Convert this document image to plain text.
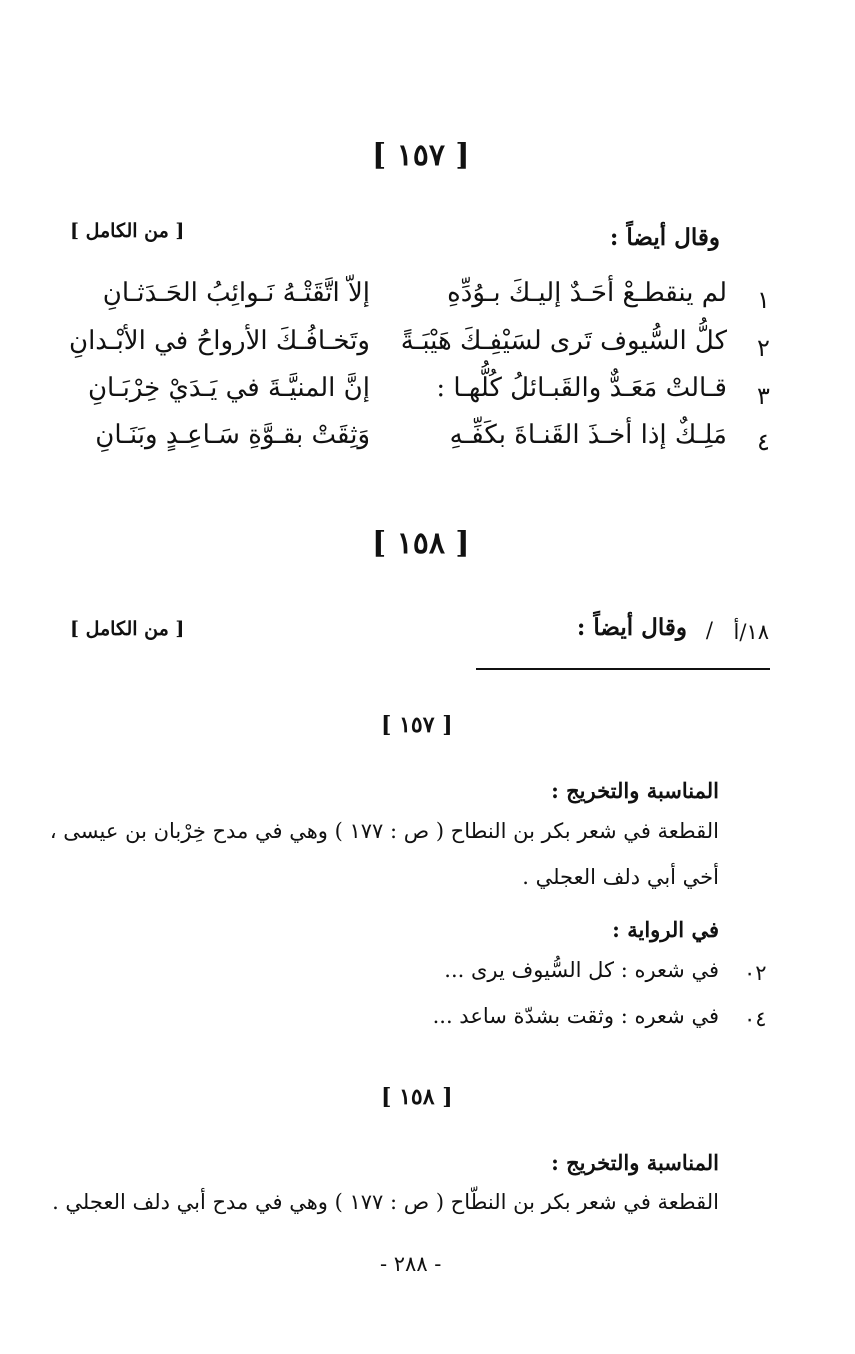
[ ١٥٧ ]
وقال أيضاً :
[ من الكامل ]
١
لم ينقطـعْ أحَـدٌ إليـكَ بـوُدِّهِ
إلاّ اتَّقَتْـهُ نَـوائِبُ الحَـدَثـانِ
٢
كلُّ السُّيوف تَرى لسَيْفِـكَ هَيْبَـةً
وتَخـافُـكَ الأرواحُ في الأبْـدانِ
٣
قـالتْ مَعَـدٌّ والقَبـائلُ كُلُّهـا :
إنَّ المنيَّـةَ في يَـدَيْ خِرْبَـانِ
٤
مَلِـكٌ إذا أخـذَ القَنـاةَ بكَفِّـهِ
وَثِقَتْ بقـوَّةِ سَـاعِـدٍ وبَنَـانِ
[ ١٥٨ ]
١٨/أ
/
وقال أيضاً :
[ من الكامل ]
[ ١٥٧ ]
المناسبة والتخريج :
القطعة في شعر بكر بن النطاح ( ص : ١٧٧ ) وهي في مدح خِرْبان بن عيسى ،
أخي أبي دلف العجلي .
في الرواية :
٠٢
في شعره : كل السُّيوف يرى ...
٠٤
في شعره : وثقت بشدّة ساعد ...
[ ١٥٨ ]
المناسبة والتخريج :
القطعة في شعر بكر بن النطّاح ( ص : ١٧٧ ) وهي في مدح أبي دلف العجلي .
- ٢٨٨ -
